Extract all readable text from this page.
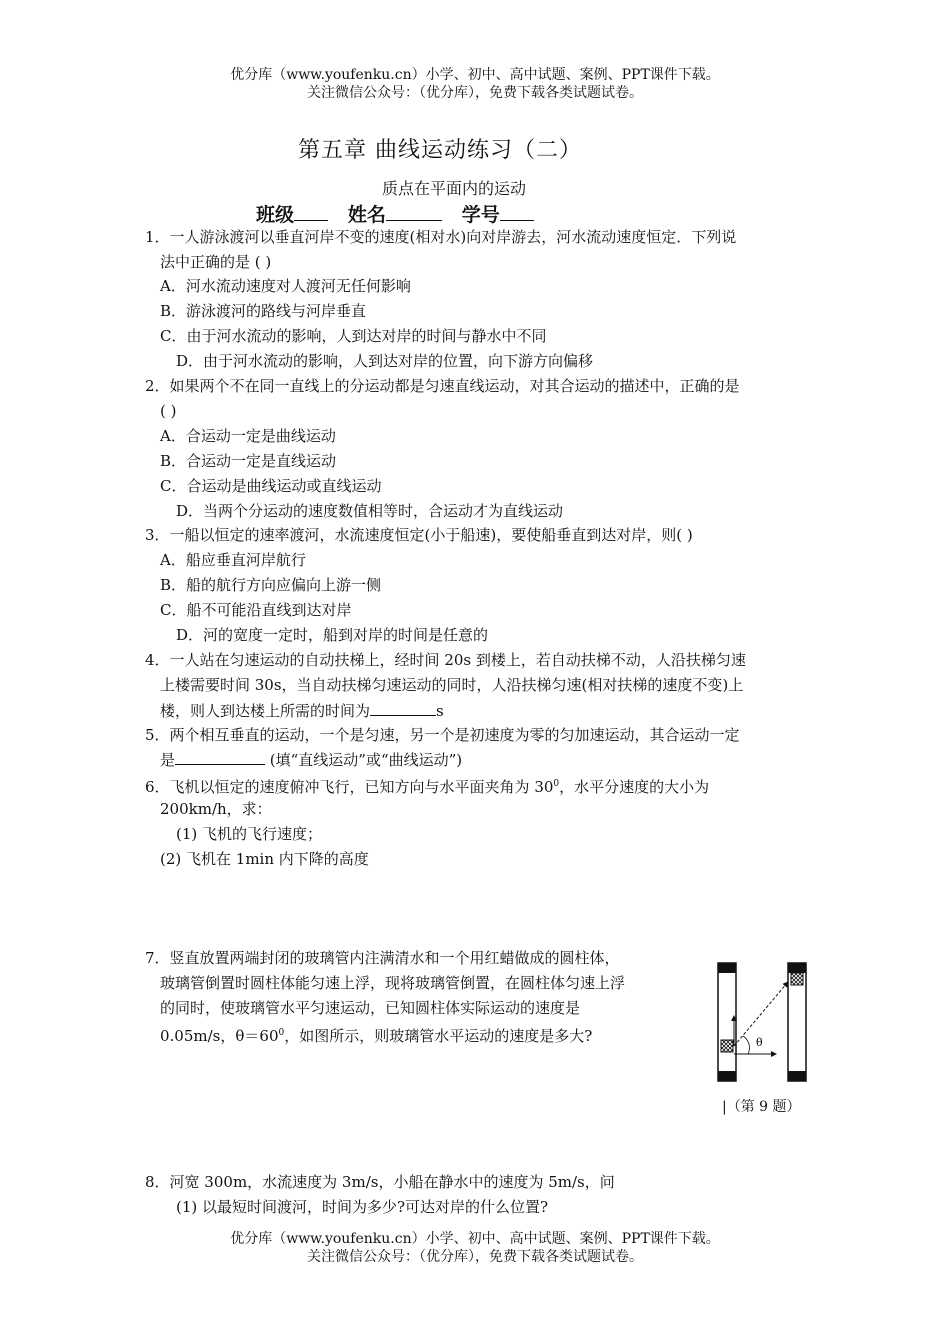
优分库（www.youfenku.cn）小学、初中、高中试题、案例、PPT课件下载。
关注微信公众号：（优分库），免费下载各类试题试卷。
第五章 曲线运动练习（二）
质点在平面内的运动
班级	姓名	学号
1．一人游泳渡河以垂直河岸不变的速度(相对水)向对岸游去，河水流动速度恒定．下列说
法中正确的是 ( )
A．河水流动速度对人渡河无任何影响
B．游泳渡河的路线与河岸垂直
C．由于河水流动的影响，人到达对岸的时间与静水中不同
D．由于河水流动的影响，人到达对岸的位置，向下游方向偏移
2．如果两个不在同一直线上的分运动都是匀速直线运动，对其合运动的描述中，正确的是
( )
A．合运动一定是曲线运动
B．合运动一定是直线运动
C．合运动是曲线运动或直线运动
D．当两个分运动的速度数值相等时，合运动才为直线运动
3．一船以恒定的速率渡河，水流速度恒定(小于船速)，要使船垂直到达对岸，则( )
A．船应垂直河岸航行
B．船的航行方向应偏向上游一侧
C．船不可能沿直线到达对岸
D．河的宽度一定时，船到对岸的时间是任意的
4．一人站在匀速运动的自动扶梯上，经时间 20s 到楼上，若自动扶梯不动，人沿扶梯匀速
上楼需要时间 30s，当自动扶梯匀速运动的同时，人沿扶梯匀速(相对扶梯的速度不变)上
楼，则人到达楼上所需的时间为	s
5．两个相互垂直的运动，一个是匀速，另一个是初速度为零的匀加速运动，其合运动一定
是	(填“直线运动”或“曲线运动”)
6．飞机以恒定的速度俯冲飞行，已知方向与水平面夹角为 $30^0$，水平分速度的大小为
200km/h，求：
(1) 飞机的飞行速度；
(2) 飞机在 1min 内下降的高度
7．竖直放置两端封闭的玻璃管内注满清水和一个用红蜡做成的圆柱体，
玻璃管倒置时圆柱体能匀速上浮，现将玻璃管倒置，在圆柱体匀速上浮
的同时，使玻璃管水平匀速运动，已知圆柱体实际运动的速度是
0.05m/s，$\theta=60^0$，如图所示，则玻璃管水平运动的速度是多大?	θ
|（第 9 题）
8．河宽 300m，水流速度为 3m/s，小船在静水中的速度为 5m/s，问
(1) 以最短时间渡河，时间为多少?可达对岸的什么位置?
优分库（www.youfenku.cn）小学、初中、高中试题、案例、PPT课件下载。
关注微信公众号：（优分库），免费下载各类试题试卷。
